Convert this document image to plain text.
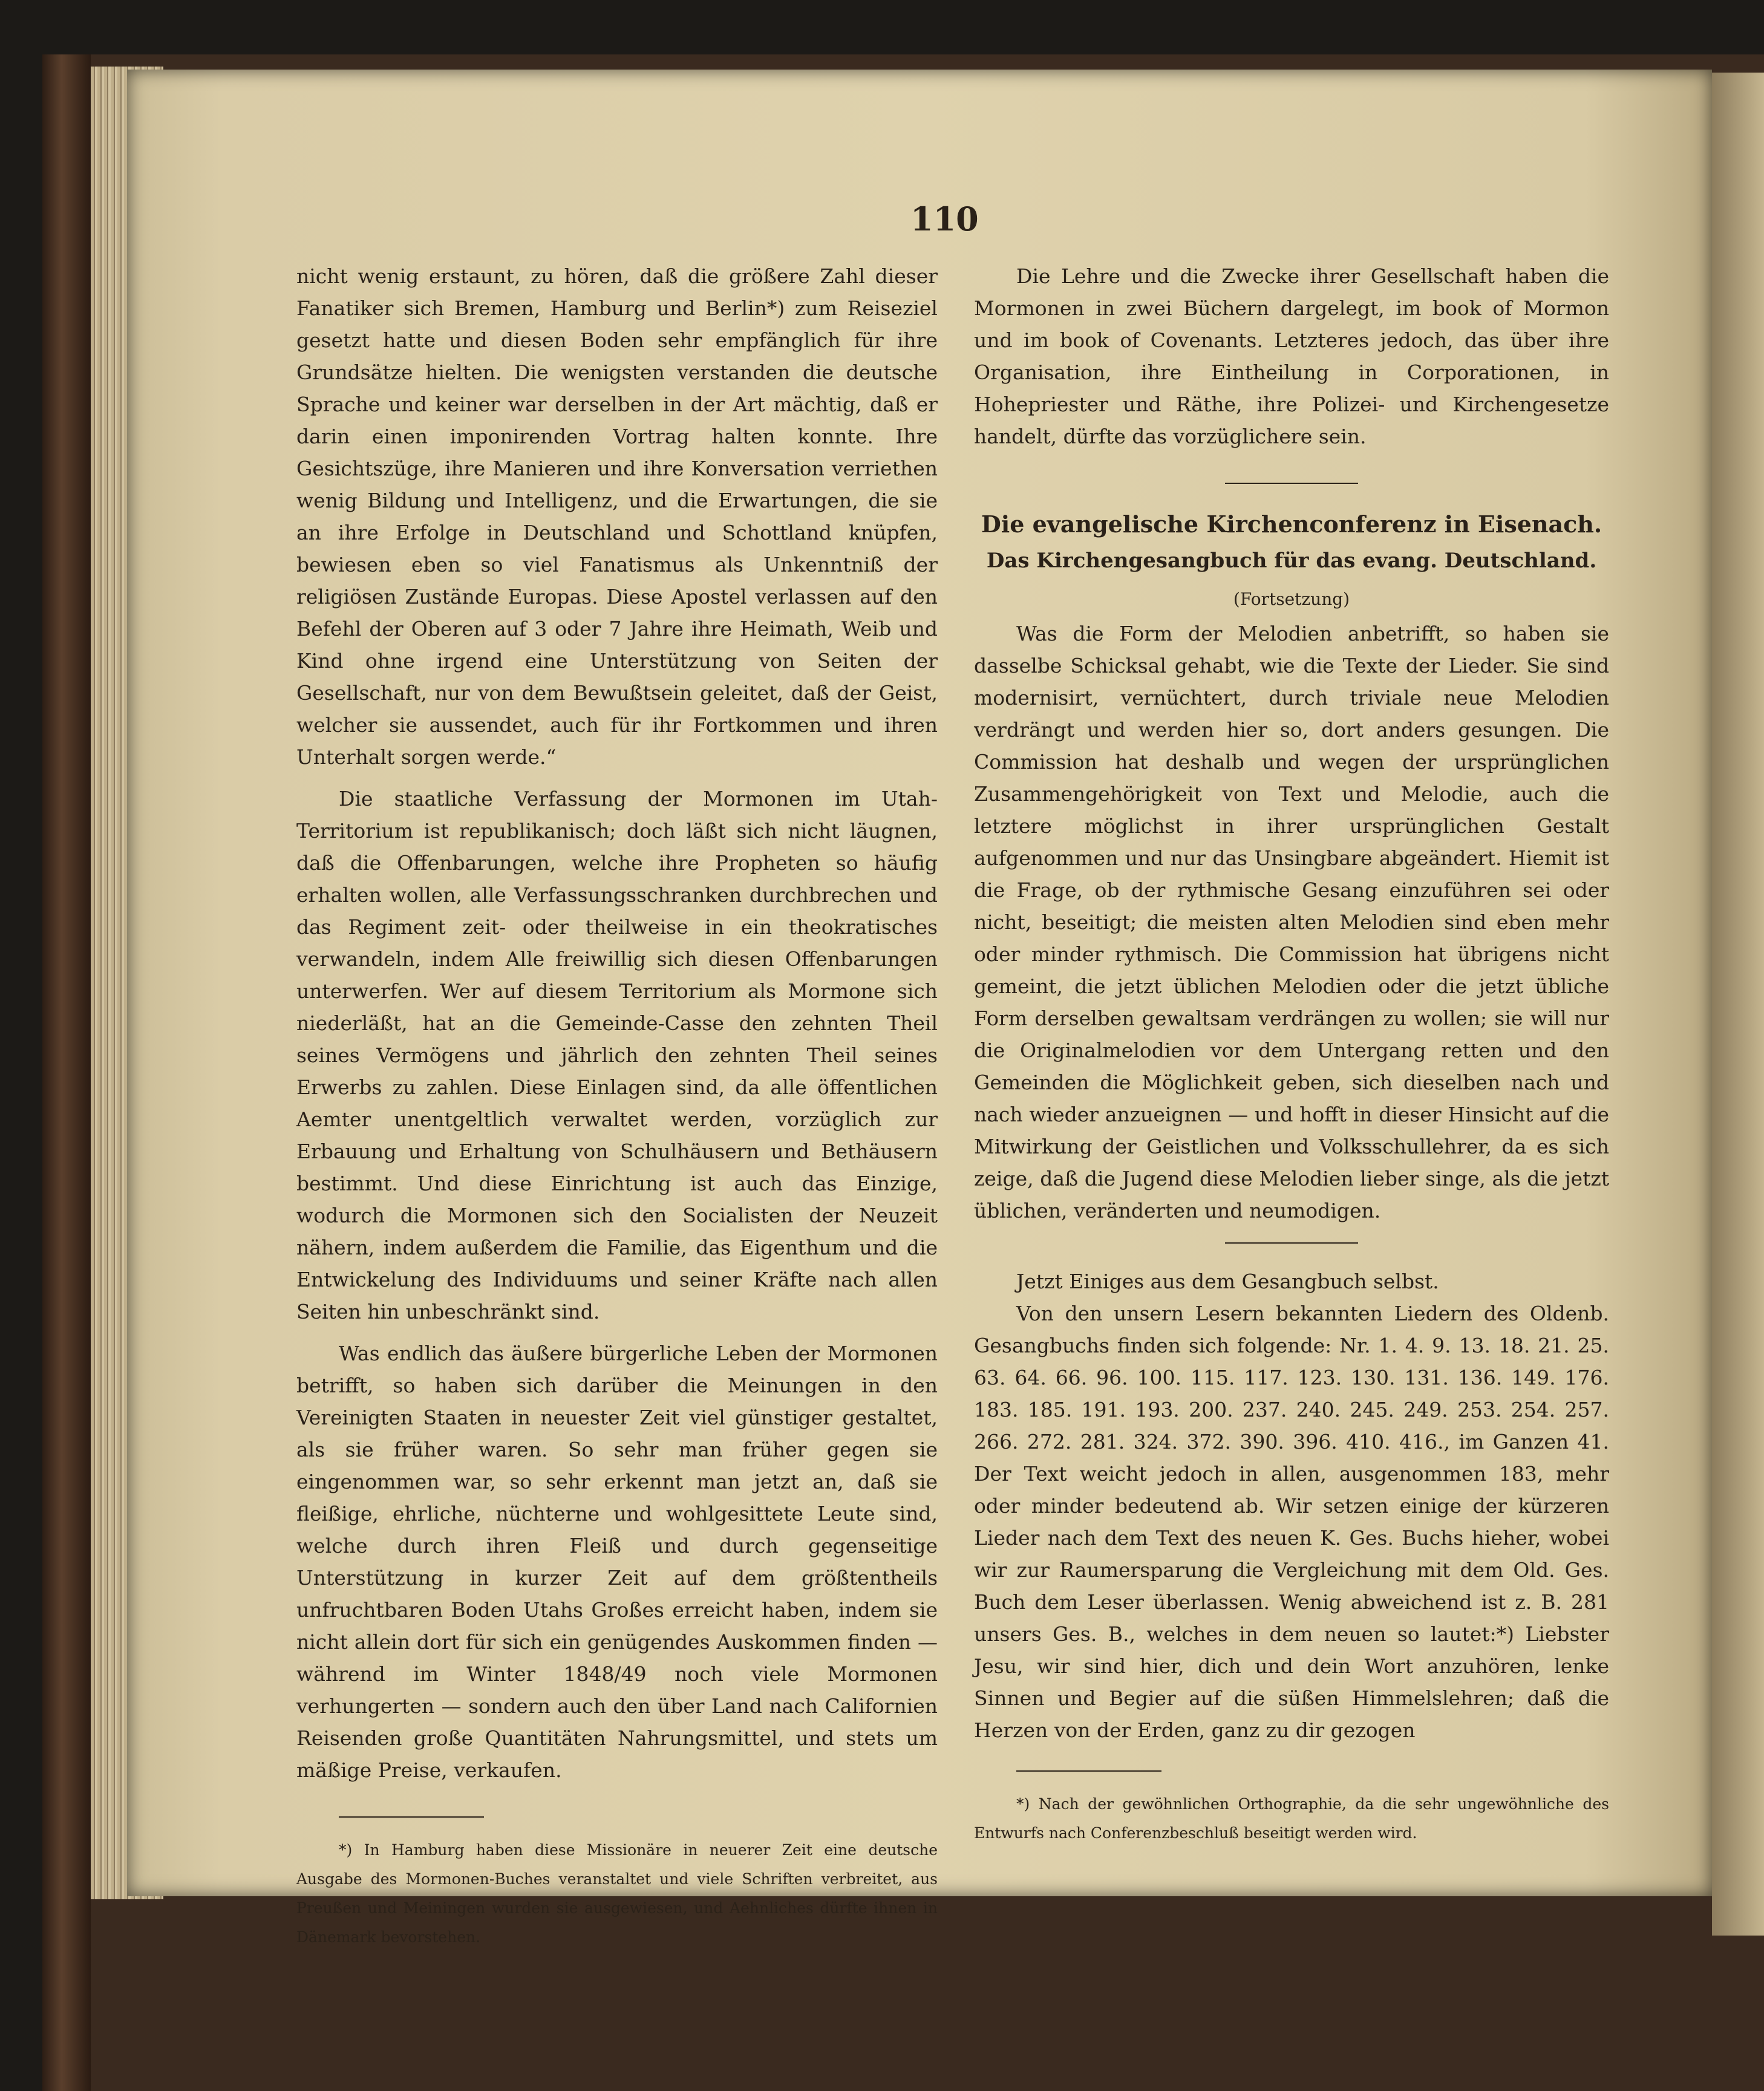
110

nicht wenig erstaunt, zu hören, daß die größere Zahl dieser Fanatiker sich Bremen, Hamburg und Berlin*) zum Reiseziel gesetzt hatte und diesen Boden sehr empfänglich für ihre Grundsätze hielten. Die wenigsten verstanden die deutsche Sprache und keiner war derselben in der Art mächtig, daß er darin einen imponirenden Vortrag halten konnte. Ihre Gesichtszüge, ihre Manieren und ihre Konversation verriethen wenig Bildung und Intelligenz, und die Erwartungen, die sie an ihre Erfolge in Deutschland und Schottland knüpfen, bewiesen eben so viel Fanatismus als Unkenntniß der religiösen Zustände Europas. Diese Apostel verlassen auf den Befehl der Oberen auf 3 oder 7 Jahre ihre Heimath, Weib und Kind ohne irgend eine Unterstützung von Seiten der Gesellschaft, nur von dem Bewußtsein geleitet, daß der Geist, welcher sie aussendet, auch für ihr Fortkommen und ihren Unterhalt sorgen werde.“

Die staatliche Verfassung der Mormonen im Utah-Territorium ist republikanisch; doch läßt sich nicht läugnen, daß die Offenbarungen, welche ihre Propheten so häufig erhalten wollen, alle Verfassungsschranken durchbrechen und das Regiment zeit- oder theilweise in ein theokratisches verwandeln, indem Alle freiwillig sich diesen Offenbarungen unterwerfen. Wer auf diesem Territorium als Mormone sich niederläßt, hat an die Gemeinde-Casse den zehnten Theil seines Vermögens und jährlich den zehnten Theil seines Erwerbs zu zahlen. Diese Einlagen sind, da alle öffentlichen Aemter unentgeltlich verwaltet werden, vorzüglich zur Erbauung und Erhaltung von Schulhäusern und Bethäusern bestimmt. Und diese Einrichtung ist auch das Einzige, wodurch die Mormonen sich den Socialisten der Neuzeit nähern, indem außerdem die Familie, das Eigenthum und die Entwickelung des Individuums und seiner Kräfte nach allen Seiten hin unbeschränkt sind.

Was endlich das äußere bürgerliche Leben der Mormonen betrifft, so haben sich darüber die Meinungen in den Vereinigten Staaten in neuester Zeit viel günstiger gestaltet, als sie früher waren. So sehr man früher gegen sie eingenommen war, so sehr erkennt man jetzt an, daß sie fleißige, ehrliche, nüchterne und wohlgesittete Leute sind, welche durch ihren Fleiß und durch gegenseitige Unterstützung in kurzer Zeit auf dem größtentheils unfruchtbaren Boden Utahs Großes erreicht haben, indem sie nicht allein dort für sich ein genügendes Auskommen finden — während im Winter 1848/49 noch viele Mormonen verhungerten — sondern auch den über Land nach Californien Reisenden große Quantitäten Nahrungsmittel, und stets um mäßige Preise, verkaufen.

*) In Hamburg haben diese Missionäre in neuerer Zeit eine deutsche Ausgabe des Mormonen-Buches veranstaltet und viele Schriften verbreitet, aus Preußen und Meiningen wurden sie ausgewiesen, und Aehnliches dürfte ihnen in Dänemark bevorstehen.

Die Lehre und die Zwecke ihrer Gesellschaft haben die Mormonen in zwei Büchern dargelegt, im book of Mormon und im book of Covenants. Letzteres jedoch, das über ihre Organisation, ihre Eintheilung in Corporationen, in Hohepriester und Räthe, ihre Polizei- und Kirchengesetze handelt, dürfte das vorzüglichere sein.

Die evangelische Kirchenconferenz in Eisenach.
Das Kirchengesangbuch für das evang. Deutschland.
(Fortsetzung)

Was die Form der Melodien anbetrifft, so haben sie dasselbe Schicksal gehabt, wie die Texte der Lieder. Sie sind modernisirt, vernüchtert, durch triviale neue Melodien verdrängt und werden hier so, dort anders gesungen. Die Commission hat deshalb und wegen der ursprünglichen Zusammengehörigkeit von Text und Melodie, auch die letztere möglichst in ihrer ursprünglichen Gestalt aufgenommen und nur das Unsingbare abgeändert. Hiemit ist die Frage, ob der rythmische Gesang einzuführen sei oder nicht, beseitigt; die meisten alten Melodien sind eben mehr oder minder rythmisch. Die Commission hat übrigens nicht gemeint, die jetzt üblichen Melodien oder die jetzt übliche Form derselben gewaltsam verdrängen zu wollen; sie will nur die Originalmelodien vor dem Untergang retten und den Gemeinden die Möglichkeit geben, sich dieselben nach und nach wieder anzueignen — und hofft in dieser Hinsicht auf die Mitwirkung der Geistlichen und Volksschullehrer, da es sich zeige, daß die Jugend diese Melodien lieber singe, als die jetzt üblichen, veränderten und neumodigen.

Jetzt Einiges aus dem Gesangbuch selbst.

Von den unsern Lesern bekannten Liedern des Oldenb. Gesangbuchs finden sich folgende: Nr. 1. 4. 9. 13. 18. 21. 25. 63. 64. 66. 96. 100. 115. 117. 123. 130. 131. 136. 149. 176. 183. 185. 191. 193. 200. 237. 240. 245. 249. 253. 254. 257. 266. 272. 281. 324. 372. 390. 396. 410. 416., im Ganzen 41. Der Text weicht jedoch in allen, ausgenommen 183, mehr oder minder bedeutend ab. Wir setzen einige der kürzeren Lieder nach dem Text des neuen K. Ges. Buchs hieher, wobei wir zur Raumersparung die Vergleichung mit dem Old. Ges. Buch dem Leser überlassen. Wenig abweichend ist z. B. 281 unsers Ges. B., welches in dem neuen so lautet:*) Liebster Jesu, wir sind hier, dich und dein Wort anzuhören, lenke Sinnen und Begier auf die süßen Himmelslehren; daß die Herzen von der Erden, ganz zu dir gezogen

*) Nach der gewöhnlichen Orthographie, da die sehr ungewöhnliche des Entwurfs nach Conferenzbeschluß beseitigt werden wird.
